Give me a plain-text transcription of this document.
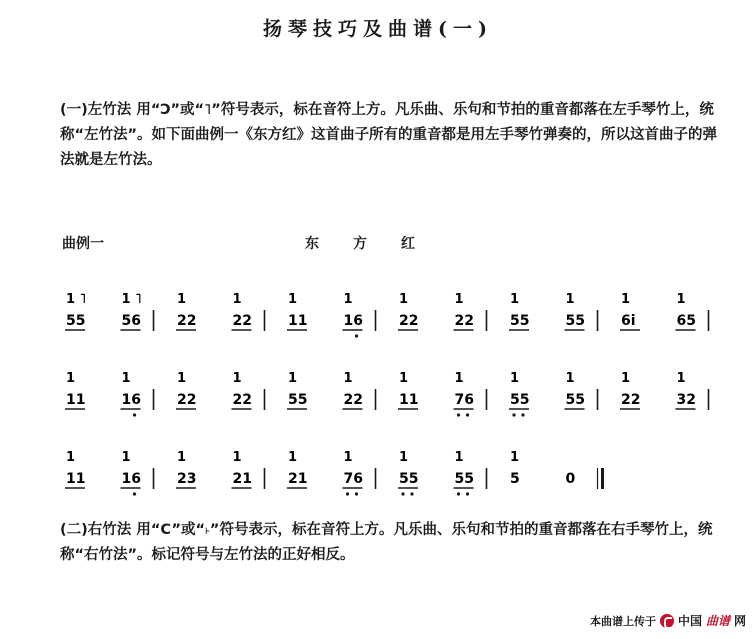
扬琴技巧及曲谱(一)
(一)左竹法 用“Ͻ”或“˥”符号表示，标在音符上方。凡乐曲、乐句和节拍的重音都落在左手琴竹上，统称“左竹法”。如下面曲例一《东方红》这首曲子所有的重音都是用左手琴竹弹奏的，所以这首曲子的弹法就是左竹法。
曲例一	东方红
1 ˥
55
1 ˥
56
1
22
1
22
1
11
1
16
1
22
1
22
1
55
1
55
1
6i
1
65
1
11
1
16
1
22
1
22
1
55
1
22
1
11
1
76
1
55
1
55
1
22
1
32
1
11
1
16
1
23
1
21
1
21
1
76
1
55
1
55
1
5	0
(二)右竹法 用“C”或“˫”符号表示，标在音符上方。凡乐曲、乐句和节拍的重音都落在右手琴竹上，统称“右竹法”。标记符号与左竹法的正好相反。
本曲谱上传于 中国 曲谱 网
